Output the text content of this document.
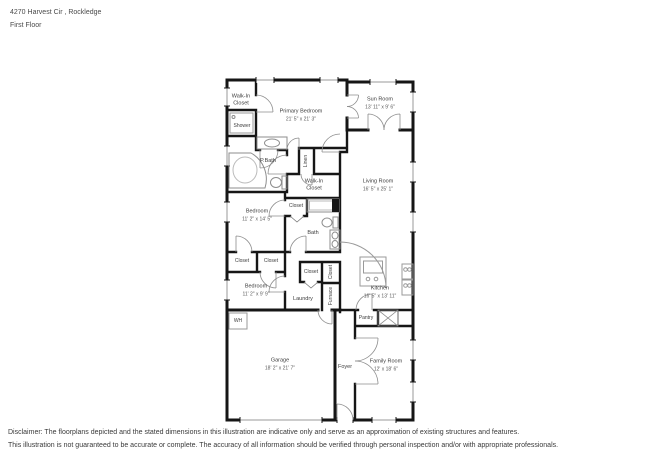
4270 Harvest Cir , Rockledge
First Floor
Walk-In Closet
Shower
Primary Bedroom
21' 5" x 21' 3"
Sun Room
13' 11" x 9' 6"
P.Bath	Linen
Walk-In Closet
Living Room
16' 5" x 25' 1"
Closet
Bedroom
11' 2" x 14' 5"
Bath
Closet	Closet
Bedroom
11' 2" x 9' 9"
Closet Closet
Laundry	Furnace	Kitchen
16' 5" x 13' 11"
Pantry
WH
Garage
18' 2" x 21' 7"	Foyer
Family Room
12' x 18' 6"
Disclaimer: The floorplans depicted and the stated dimensions in this illustration are indicative only and serve as an approximation of existing structures and features.
This illustration is not guaranteed to be accurate or complete. The accuracy of all information should be verified through personal inspection and/or with appropriate professionals.
